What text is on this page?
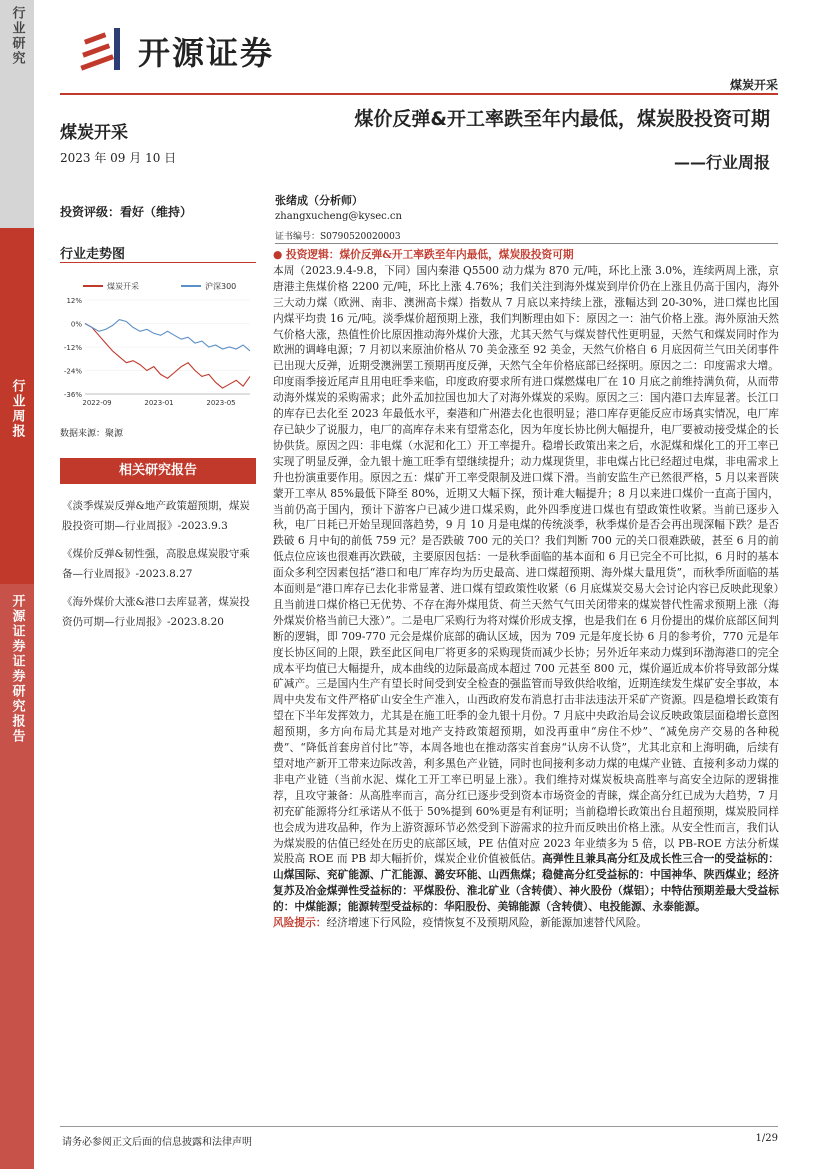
开源证券
煤炭开采
行业研究
行业周报
开源证券证券研究报告
煤炭开采
2023 年 09 月 10 日
投资评级：看好（维持）
行业走势图
煤炭开采	沪深300
12%
0%
-12%
-24%
-36%
2022-09	2023-01	2023-05
数据来源：聚源
相关研究报告
《淡季煤炭反弹&地产政策超预期，煤炭股投资可期—行业周报》-2023.9.3
《煤价反弹&韧性强，高股息煤炭股守乘备—行业周报》-2023.8.27
《海外煤价大涨&港口去库显著，煤炭投资仍可期—行业周报》-2023.8.20
煤价反弹&开工率跌至年内最低，煤炭股投资可期
——行业周报
张绪成（分析师）
zhangxucheng@kysec.cn
证书编号：S0790520020003
● 投资逻辑：煤价反弹&开工率跌至年内最低，煤炭股投资可期
本周（2023.9.4-9.8，下同）国内秦港 Q5500 动力煤为 870 元/吨，环比上涨 3.0%，连续两周上涨，京唐港主焦煤价格 2200 元/吨，环比上涨 4.76%；我们关注到海外煤炭到岸价仍在上涨且仍高于国内，海外三大动力煤（欧洲、南非、澳洲高卡煤）指数从 7 月底以来持续上涨，涨幅达到 20-30%，进口煤也比国内煤平均贵 16 元/吨。淡季煤价超预期上涨，我们判断理由如下：原因之一：油气价格上涨。海外原油天然气价格大涨，热值性价比原因推动海外煤价大涨，尤其天然气与煤炭替代性更明显，天然气和煤炭同时作为欧洲的调峰电源；7 月初以来原油价格从 70 美金涨至 92 美金，天然气价格自 6 月底因荷兰气田关闭事件已出现大反弹，近期受澳洲罢工预期再度反弹，天然气全年价格底部已经探明。原因之二：印度需求大增。印度雨季接近尾声且用电旺季来临，印度政府要求所有进口煤燃煤电厂在 10 月底之前维持满负荷，从而带动海外煤炭的采购需求；此外孟加拉国也加大了对海外煤炭的采购。原因之三：国内港口去库显著。长江口的库存已去化至 2023 年最低水平，秦港和广州港去化也很明显；港口库存更能反应市场真实情况，电厂库存已缺少了说服力，电厂的高库存未来有望常态化，因为年度长协比例大幅提升，电厂要被动接受煤企的长协供货。原因之四：非电煤（水泥和化工）开工率提升。稳增长政策出来之后，水泥煤和煤化工的开工率已实现了明显反弹，金九银十施工旺季有望继续提升；动力煤现货里，非电煤占比已经超过电煤，非电需求上升也扮演重要作用。原因之五：煤矿开工率受限制及进口煤下滑。当前安监生产已然很严格，5 月以来晋陕蒙开工率从 85%最低下降至 80%，近期又大幅下探，预计难大幅提升；8 月以来进口煤价一直高于国内，当前仍高于国内，预计下游客户已减少进口煤采购，此外四季度进口煤也有望政策性收紧。当前已逐步入秋，电厂日耗已开始呈现回落趋势，9 月 10 月是电煤的传统淡季，秋季煤价是否会再出现深幅下跌？是否跌破 6 月中旬的前低 759 元？是否跌破 700 元的关口？我们判断 700 元的关口很难跌破，甚至 6 月的前低点位应该也很难再次跌破，主要原因包括：一是秋季面临的基本面和 6 月已完全不可比拟，6 月时的基本面众多利空因素包括“港口和电厂库存均为历史最高、进口煤超预期、海外煤大量甩货”，而秋季所面临的基本面则是“港口库存已去化非常显著、进口煤有望政策性收紧（6 月底煤炭交易大会讨论内容已反映此现象）且当前进口煤价格已无优势、不存在海外煤甩货、荷兰天然气气田关闭带来的煤炭替代性需求预期上涨（海外煤炭价格当前已大涨）”。二是电厂采购行为将对煤价形成支撑，也是我们在 6 月份提出的煤价底部区间判断的逻辑，即 709-770 元会是煤价底部的确认区域，因为 709 元是年度长协 6 月的参考价，770 元是年度长协区间的上限，跌至此区间电厂将更多的采购现货而减少长协；另外近年来动力煤到环渤海港口的完全成本平均值已大幅提升，成本曲线的边际最高成本超过 700 元甚至 800 元，煤价逼近成本价将导致部分煤矿减产。三是国内生产有望长时间受到安全检查的强监管而导致供给收缩，近期连续发生煤矿安全事故，本周中央发布文件严格矿山安全生产准入，山西政府发布消息打击非法违法开采矿产资源。四是稳增长政策有望在下半年发挥效力，尤其是在施工旺季的金九银十月份。7 月底中央政治局会议反映政策层面稳增长意图超预期，多方向布局尤其是对地产支持政策超预期，如没再重申“房住不炒”、“减免房产交易的各种税费”、“降低首套房首付比”等，本周各地也在推动落实首套房“认房不认贷”，尤其北京和上海明确，后续有望对地产新开工带来边际改善，利多黑色产业链，同时也间接利多动力煤的电煤产业链、直接利多动力煤的非电产业链（当前水泥、煤化工开工率已明显上涨）。我们维持对煤炭板块高胜率与高安全边际的逻辑推荐，且攻守兼备：从高胜率而言，高分红已逐步受到资本市场资金的青睐，煤企高分红已成为大趋势，7 月初充矿能源将分红承诺从不低于 50%提到 60%更是有利证明；当前稳增长政策出台且超预期，煤炭股同样也会成为进攻品种，作为上游资源环节必然受到下游需求的拉升而反映出价格上涨。从安全性而言，我们认为煤炭股的估值已经处在历史的底部区域，PE 估值对应 2023 年业绩多为 5 倍，以 PB-ROE 方法分析煤炭股高 ROE 而 PB 却大幅折价，煤炭企业价值被低估。高弹性且兼具高分红及成长性三合一的受益标的：山煤国际、兖矿能源、广汇能源、潞安环能、山西焦煤；稳健高分红受益标的：中国神华、陕西煤业；经济复苏及冶金煤弹性受益标的：平煤股份、淮北矿业（含转债）、神火股份（煤铝）；中特估预期差最大受益标的：中煤能源；能源转型受益标的：华阳股份、美锦能源（含转债）、电投能源、永泰能源。
风险提示：经济增速下行风险，疫情恢复不及预期风险，新能源加速替代风险。
请务必参阅正文后面的信息披露和法律声明	1/29
